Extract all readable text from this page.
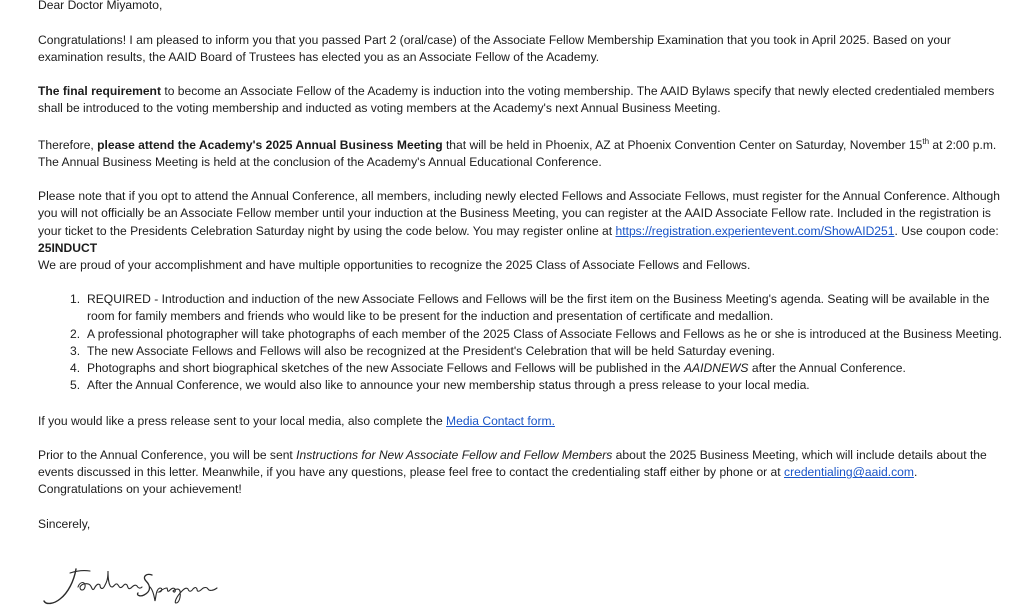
Dear Doctor Miyamoto,

Congratulations! I am pleased to inform you that you passed Part 2 (oral/case) of the Associate Fellow Membership Examination that you took in April 2025. Based on your examination results, the AAID Board of Trustees has elected you as an Associate Fellow of the Academy.

The final requirement to become an Associate Fellow of the Academy is induction into the voting membership. The AAID Bylaws specify that newly elected credentialed members shall be introduced to the voting membership and inducted as voting members at the Academy's next Annual Business Meeting.

Therefore, please attend the Academy's 2025 Annual Business Meeting that will be held in Phoenix, AZ at Phoenix Convention Center on Saturday, November 15th at 2:00 p.m. The Annual Business Meeting is held at the conclusion of the Academy's Annual Educational Conference.

Please note that if you opt to attend the Annual Conference, all members, including newly elected Fellows and Associate Fellows, must register for the Annual Conference. Although you will not officially be an Associate Fellow member until your induction at the Business Meeting, you can register at the AAID Associate Fellow rate. Included in the registration is your ticket to the Presidents Celebration Saturday night by using the code below. You may register online at https://registration.experientevent.com/ShowAID251. Use coupon code: 25INDUCT

We are proud of your accomplishment and have multiple opportunities to recognize the 2025 Class of Associate Fellows and Fellows.

1. REQUIRED - Introduction and induction of the new Associate Fellows and Fellows will be the first item on the Business Meeting's agenda. Seating will be available in the room for family members and friends who would like to be present for the induction and presentation of certificate and medallion.
2. A professional photographer will take photographs of each member of the 2025 Class of Associate Fellows and Fellows as he or she is introduced at the Business Meeting.
3. The new Associate Fellows and Fellows will also be recognized at the President's Celebration that will be held Saturday evening.
4. Photographs and short biographical sketches of the new Associate Fellows and Fellows will be published in the AAIDNEWS after the Annual Conference.
5. After the Annual Conference, we would also like to announce your new membership status through a press release to your local media.

If you would like a press release sent to your local media, also complete the Media Contact form.

Prior to the Annual Conference, you will be sent Instructions for New Associate Fellow and Fellow Members about the 2025 Business Meeting, which will include details about the events discussed in this letter. Meanwhile, if you have any questions, please feel free to contact the credentialing staff either by phone or at credentialing@aaid.com.

Congratulations on your achievement!

Sincerely,
